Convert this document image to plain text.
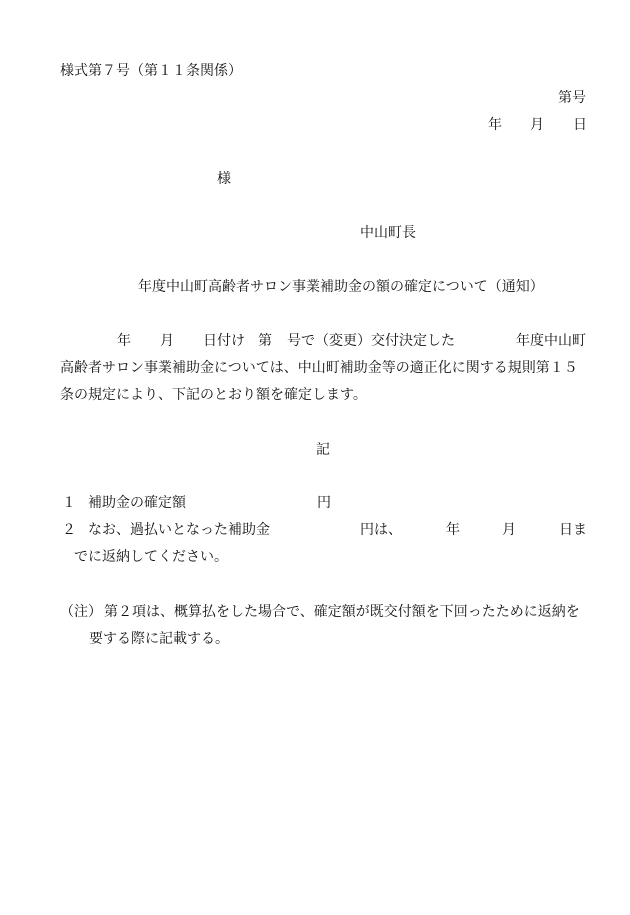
様式第７号（第１１条関係）
第号
年 月 日
様
中山町長
年度中山町高齢者サロン事業補助金の額の確定について（通知）
年 月 日付け 第 号で（変更）交付決定した	年度中山町
高齢者サロン事業補助金については、中山町補助金等の適正化に関する規則第１５
条の規定により、下記のとおり額を確定します。
記
１ 補助金の確定額	円
２ なお、過払いとなった補助金	円は、	年	月	日ま
でに返納してください。
（注） 第２項は、概算払をした場合で、確定額が既交付額を下回ったために返納を
要する際に記載する。
